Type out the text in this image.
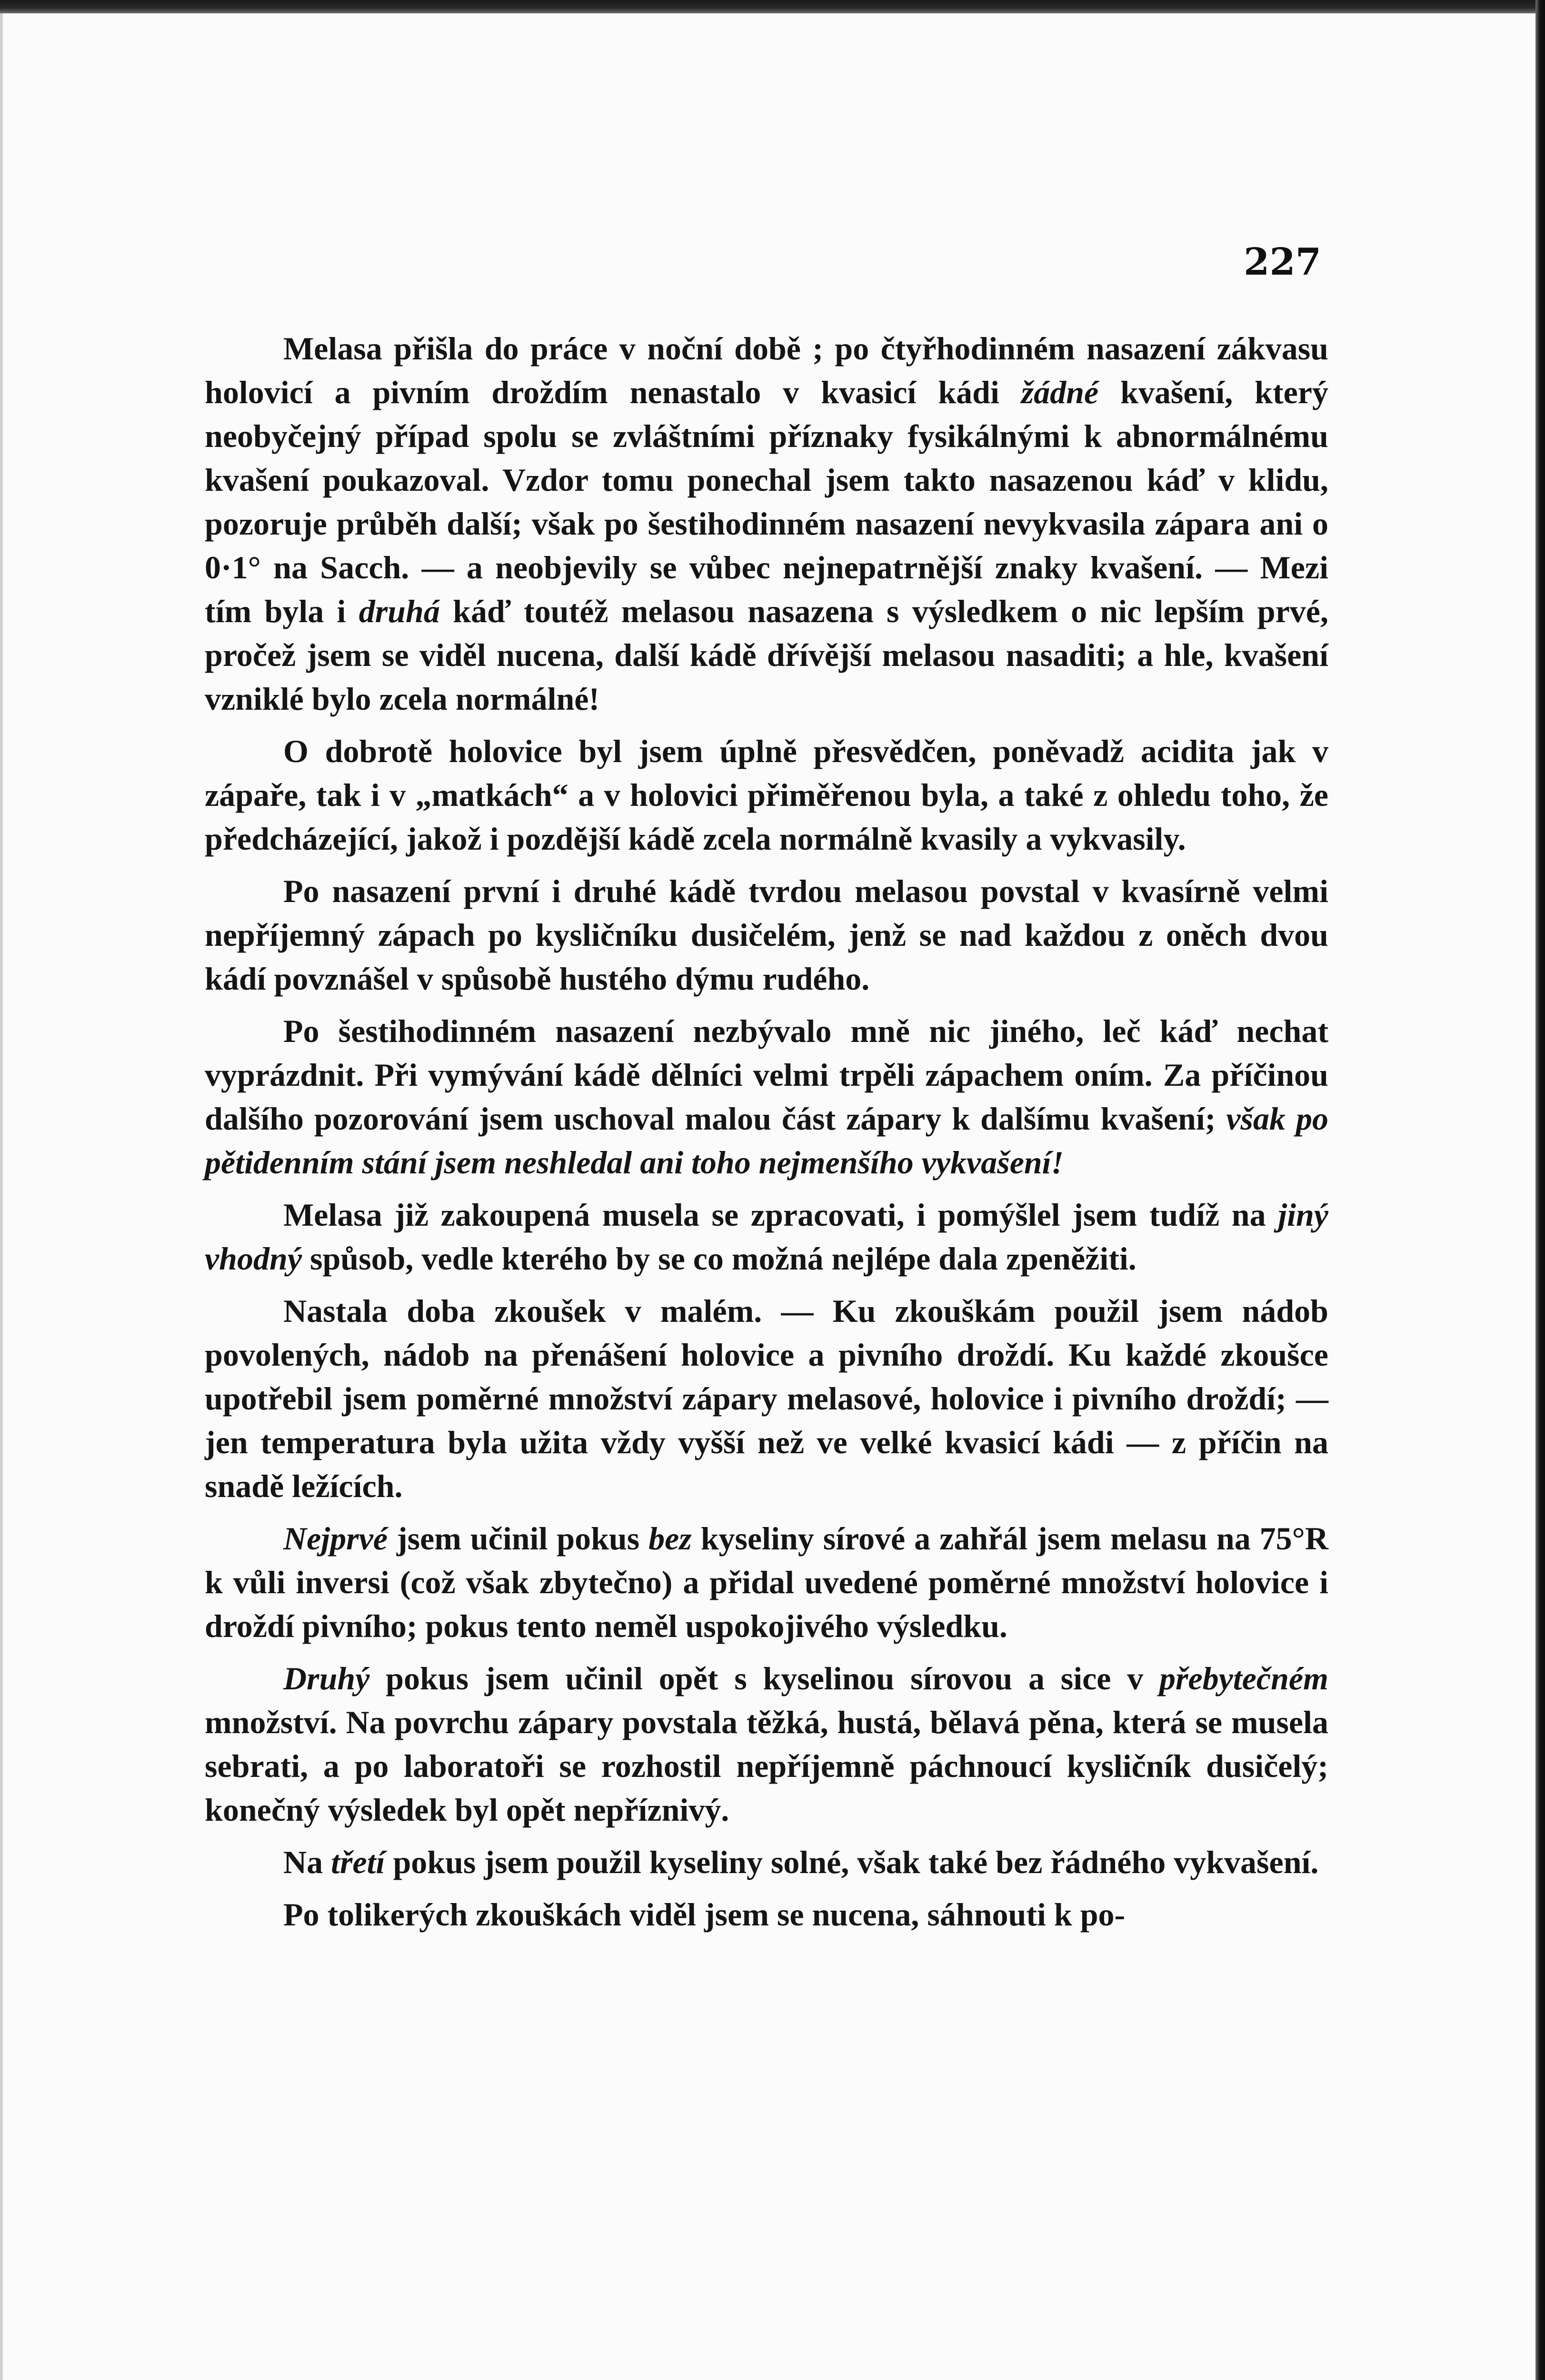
227

Melasa přišla do práce v noční době ; po čtyřhodinném nasazení zákvasu holovicí a pivním droždím nenastalo v kvasicí kádi žádné kvašení, který neobyčejný případ spolu se zvláštními příznaky fysikálnými k abnormálnému kvašení poukazoval. Vzdor tomu ponechal jsem takto nasazenou káď v klidu, pozoruje průběh další; však po šestihodinném nasazení nevykvasila zápara ani o 0·1° na Sacch. — a neobjevily se vůbec nejnepatrnější znaky kvašení. — Mezi tím byla i druhá káď toutéž melasou nasazena s výsledkem o nic lepším prvé, pročež jsem se viděl nucena, další kádě dřívější melasou nasaditi; a hle, kvašení vzniklé bylo zcela normálné!

O dobrotě holovice byl jsem úplně přesvědčen, poněvadž acidita jak v zápaře, tak i v „matkách“ a v holovici přiměřenou byla, a také z ohledu toho, že předcházející, jakož i pozdější kádě zcela normálně kvasily a vykvasily.

Po nasazení první i druhé kádě tvrdou melasou povstal v kvasírně velmi nepříjemný zápach po kysličníku dusičelém, jenž se nad každou z oněch dvou kádí povznášel v spůsobě hustého dýmu rudého.

Po šestihodinném nasazení nezbývalo mně nic jiného, leč káď nechat vyprázdnit. Při vymývání kádě dělníci velmi trpěli zápachem oním. Za příčinou dalšího pozorování jsem uschoval malou část zápary k dalšímu kvašení; však po pětidenním stání jsem neshledal ani toho nejmenšího vykvašení!

Melasa již zakoupená musela se zpracovati, i pomýšlel jsem tudíž na jiný vhodný spůsob, vedle kterého by se co možná nejlépe dala zpeněžiti.

Nastala doba zkoušek v malém. — Ku zkouškám použil jsem nádob povolených, nádob na přenášení holovice a pivního droždí. Ku každé zkoušce upotřebil jsem poměrné množství zápary melasové, holovice i pivního droždí; — jen temperatura byla užita vždy vyšší než ve velké kvasicí kádi — z příčin na snadě ležících.

Nejprvé jsem učinil pokus bez kyseliny sírové a zahřál jsem melasu na 75°R k vůli inversi (což však zbytečno) a přidal uvedené poměrné množství holovice i droždí pivního; pokus tento neměl uspokojivého výsledku.

Druhý pokus jsem učinil opět s kyselinou sírovou a sice v přebytečném množství. Na povrchu zápary povstala těžká, hustá, bělavá pěna, která se musela sebrati, a po laboratoři se rozhostil nepříjemně páchnoucí kysličník dusičelý; konečný výsledek byl opět nepříznivý.

Na třetí pokus jsem použil kyseliny solné, však také bez řádného vykvašení.

Po tolikerých zkouškách viděl jsem se nucena, sáhnouti k po-
